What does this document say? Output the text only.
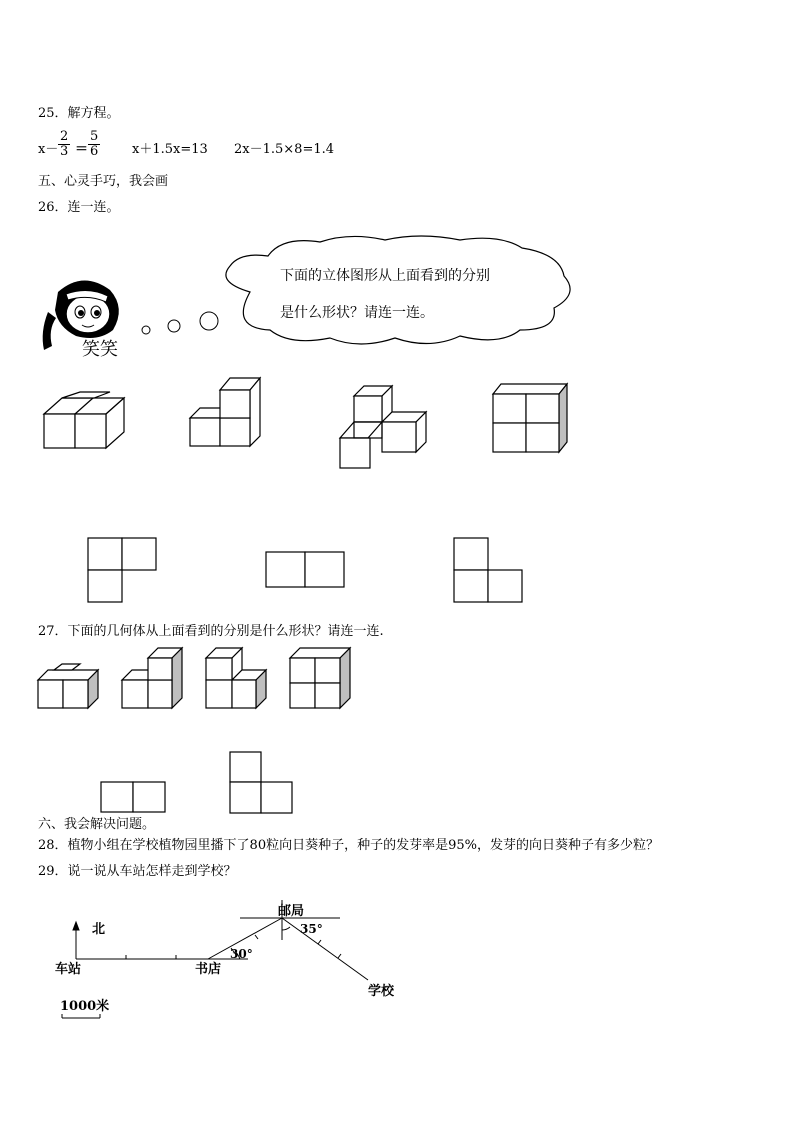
25．解方程。
$x- \frac{2}{3} = \frac{5}{6} x+1.5x=13$ 2x－1.5×8=1.4
五、心灵手巧，我会画
26．连一连。
笑笑
下面的立体图形从上面看到的分别
是什么形状？请连一连。
27．下面的几何体从上面看到的分别是什么形状？请连一连.
六、我会解决问题。
28．植物小组在学校植物园里播下了80粒向日葵种子，种子的发芽率是95%，发芽的向日葵种子有多少粒？
29．说一说从车站怎样走到学校？
北
车站	书店
30°
邮局
35°
学校
1000米
